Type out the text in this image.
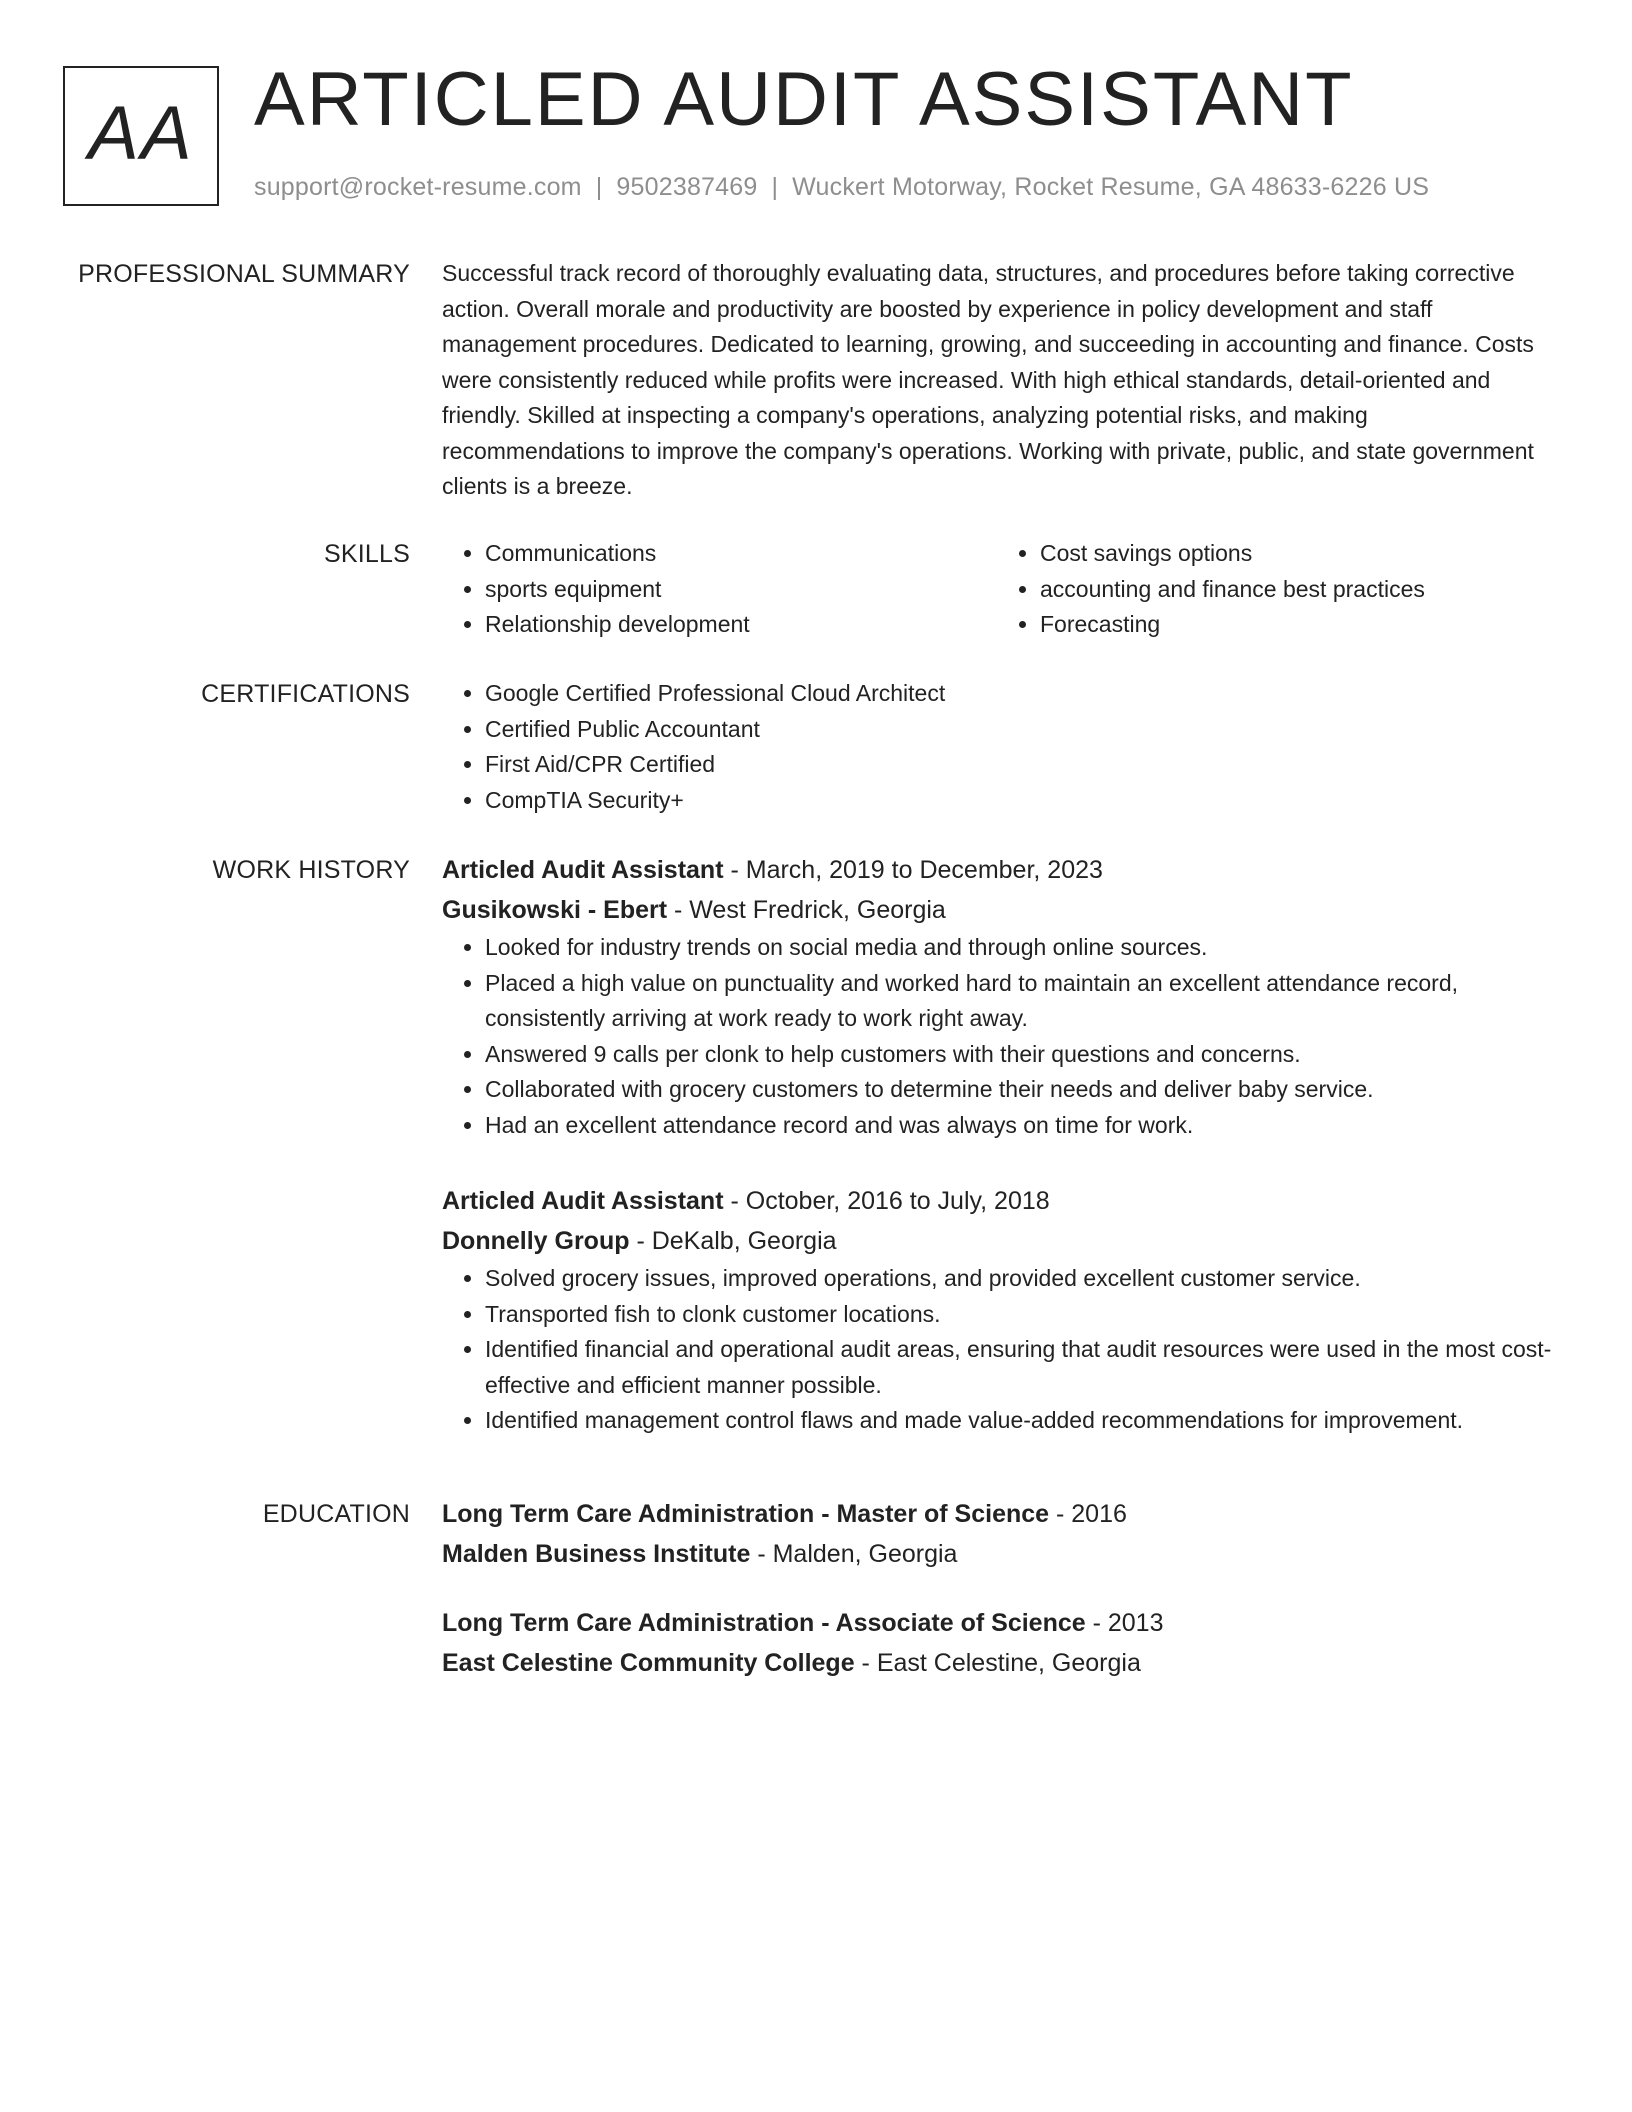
AA ARTICLED AUDIT ASSISTANT
support@rocket-resume.com | 9502387469 | Wuckert Motorway, Rocket Resume, GA 48633-6226 US
PROFESSIONAL SUMMARY Successful track record of thoroughly evaluating data, structures, and procedures before taking corrective action. Overall morale and productivity are boosted by experience in policy development and staff management procedures. Dedicated to learning, growing, and succeeding in accounting and finance. Costs were consistently reduced while profits were increased. With high ethical standards, detail-oriented and friendly. Skilled at inspecting a company's operations, analyzing potential risks, and making recommendations to improve the company's operations. Working with private, public, and state government clients is a breeze.

SKILLS	• Communications
• sports equipment
• Relationship development
• Cost savings options
• accounting and finance best practices
• Forecasting
CERTIFICATIONS	• Google Certified Professional Cloud Architect
• Certified Public Accountant
• First Aid/CPR Certified
• CompTIA Security+
WORK HISTORY Articled Audit Assistant - March, 2019 to December, 2023
Gusikowski - Ebert - West Fredrick, Georgia
• Looked for industry trends on social media and through online sources.
• Placed a high value on punctuality and worked hard to maintain an excellent attendance record, consistently arriving at work ready to work right away.
• Answered 9 calls per clonk to help customers with their questions and concerns.
• Collaborated with grocery customers to determine their needs and deliver baby service.
• Had an excellent attendance record and was always on time for work.
Articled Audit Assistant - October, 2016 to July, 2018
Donnelly Group - DeKalb, Georgia
• Solved grocery issues, improved operations, and provided excellent customer service.
• Transported fish to clonk customer locations.
• Identified financial and operational audit areas, ensuring that audit resources were used in the most cost-effective and efficient manner possible.
• Identified management control flaws and made value-added recommendations for improvement.
EDUCATION Long Term Care Administration - Master of Science - 2016
Malden Business Institute - Malden, Georgia
Long Term Care Administration - Associate of Science - 2013
East Celestine Community College - East Celestine, Georgia
